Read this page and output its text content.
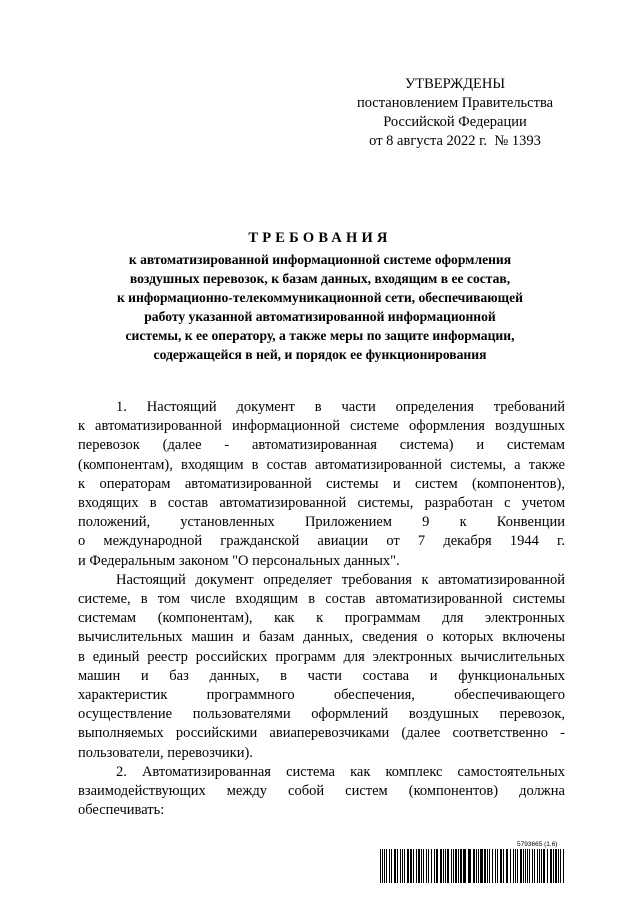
УТВЕРЖДЕНЫ
постановлением Правительства
Российской Федерации
от 8 августа 2022 г.  № 1393
ТРЕБОВАНИЯ
к автоматизированной информационной системе оформления
воздушных перевозок, к базам данных, входящим в ее состав,
к информационно-телекоммуникационной сети, обеспечивающей
работу указанной автоматизированной информационной
системы, к ее оператору, а также меры по защите информации,
содержащейся в ней, и порядок ее функционирования
1. Настоящий документ в части определения требований
к автоматизированной информационной системе оформления воздушных
перевозок (далее - автоматизированная система) и системам
(компонентам), входящим в состав автоматизированной системы, а также
к операторам автоматизированной системы и систем (компонентов),
входящих в состав автоматизированной системы, разработан с учетом
положений, установленных Приложением 9 к Конвенции
о международной гражданской авиации от 7 декабря 1944 г.
и Федеральным законом "О персональных данных".
Настоящий документ определяет требования к автоматизированной
системе, в том числе входящим в состав автоматизированной системы
системам (компонентам), как к программам для электронных
вычислительных машин и базам данных, сведения о которых включены
в единый реестр российских программ для электронных вычислительных
машин и баз данных, в части состава и функциональных
характеристик программного обеспечения, обеспечивающего
осуществление пользователями оформлений воздушных перевозок,
выполняемых российскими авиаперевозчиками (далее соответственно -
пользователи, перевозчики).
2. Автоматизированная система как комплекс самостоятельных
взаимодействующих между собой систем (компонентов) должна
обеспечивать:
5793665 (1.6)
